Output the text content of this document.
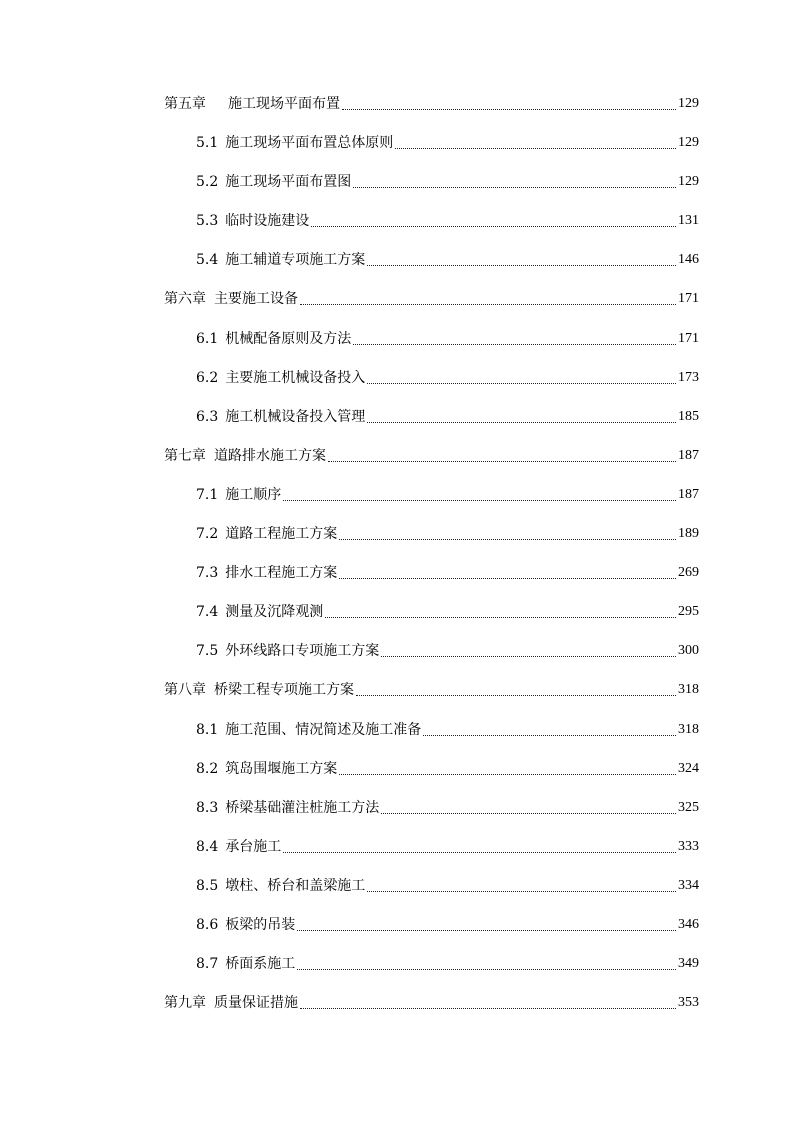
第五章　施工现场平面布置	129
5.1 施工现场平面布置总体原则	129
5.2 施工现场平面布置图	129
5.3 临时设施建设	131
5.4 施工辅道专项施工方案	146
第六章 主要施工设备	171
6.1 机械配备原则及方法	171
6.2 主要施工机械设备投入	173
6.3 施工机械设备投入管理	185
第七章 道路排水施工方案	187
7.1 施工顺序	187
7.2 道路工程施工方案	189
7.3 排水工程施工方案	269
7.4 测量及沉降观测	295
7.5 外环线路口专项施工方案	300
第八章 桥梁工程专项施工方案	318
8.1 施工范围、情况简述及施工准备	318
8.2 筑岛围堰施工方案	324
8.3 桥梁基础灌注桩施工方法	325
8.4 承台施工	333
8.5 墩柱、桥台和盖梁施工	334
8.6 板梁的吊装	346
8.7 桥面系施工	349
第九章 质量保证措施	353
